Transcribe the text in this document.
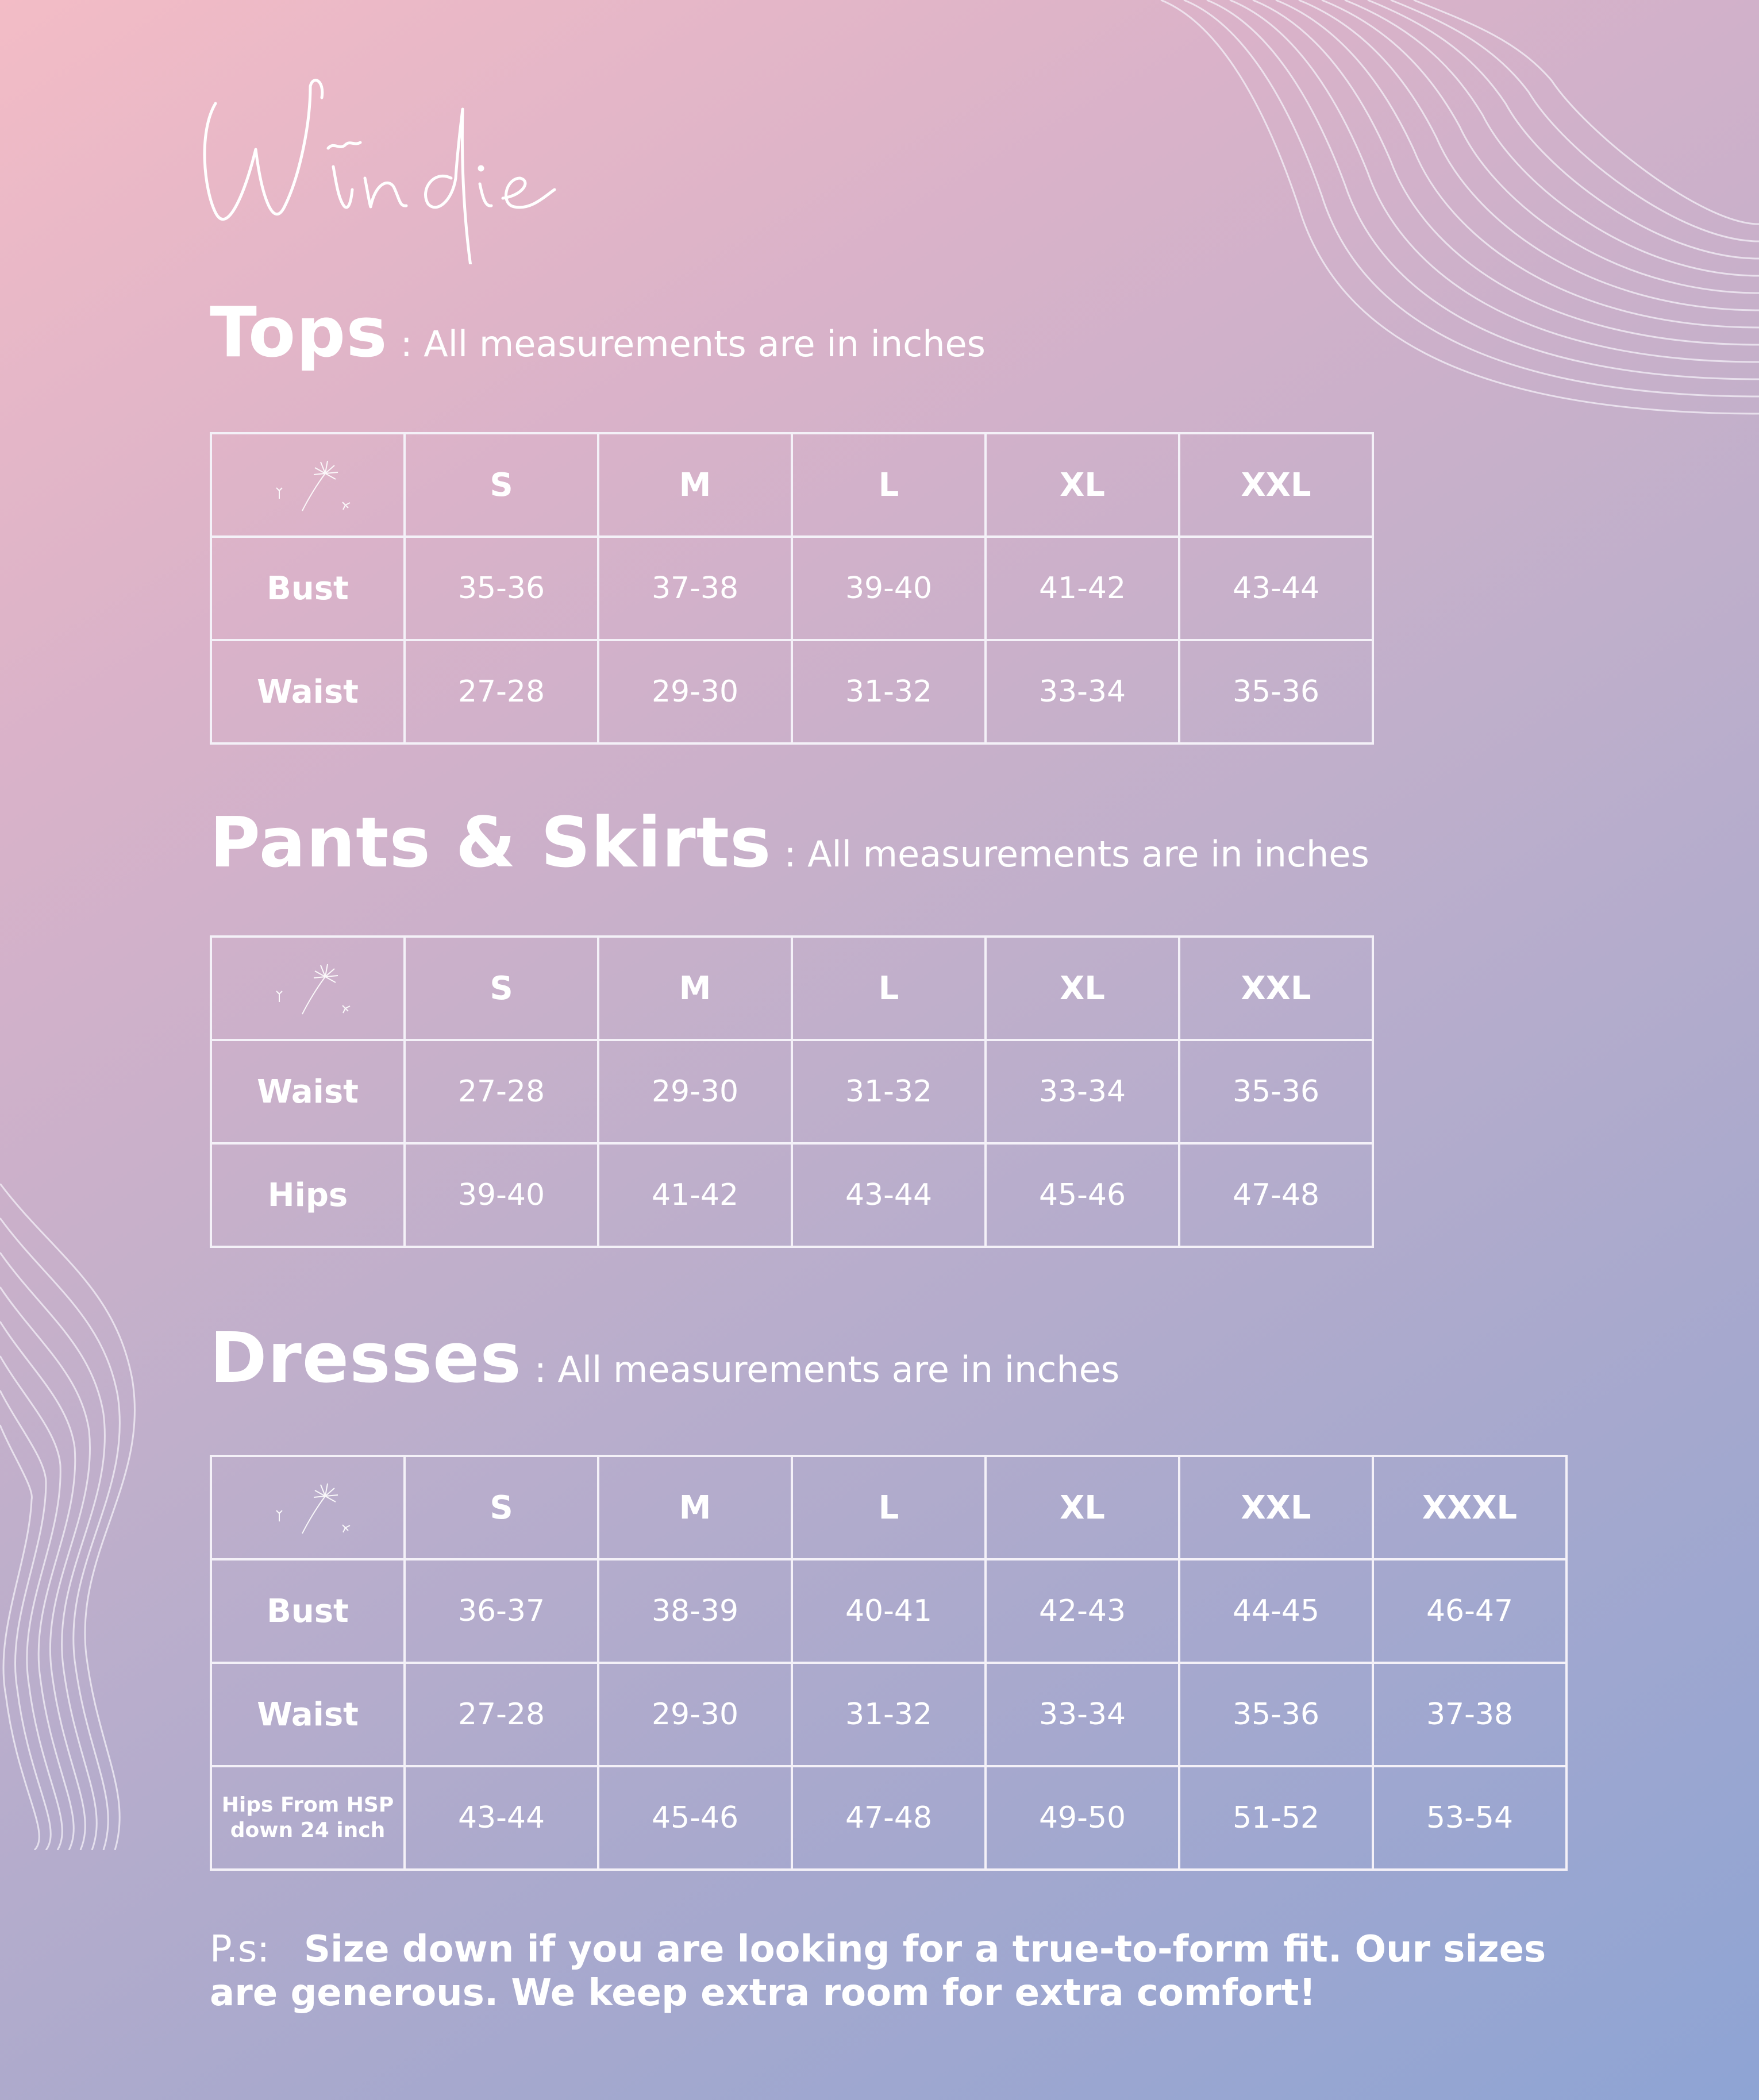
Windie
Tops : All measurements are in inches
	S	M	L	XL	XXL
Bust	35-36	37-38	39-40	41-42	43-44
Waist	27-28	29-30	31-32	33-34	35-36
Pants & Skirts : All measurements are in inches
	S	M	L	XL	XXL
Waist	27-28	29-30	31-32	33-34	35-36
Hips	39-40	41-42	43-44	45-46	47-48
Dresses : All measurements are in inches
	S	M	L	XL	XXL	XXXL
Bust	36-37	38-39	40-41	42-43	44-45	46-47
Waist	27-28	29-30	31-32	33-34	35-36	37-38
Hips From HSP
down 24 inch	43-44	45-46	47-48	49-50	51-52	53-54
P.s: Size down if you are looking for a true-to-form fit. Our sizes are generous. We keep extra room for extra comfort!
